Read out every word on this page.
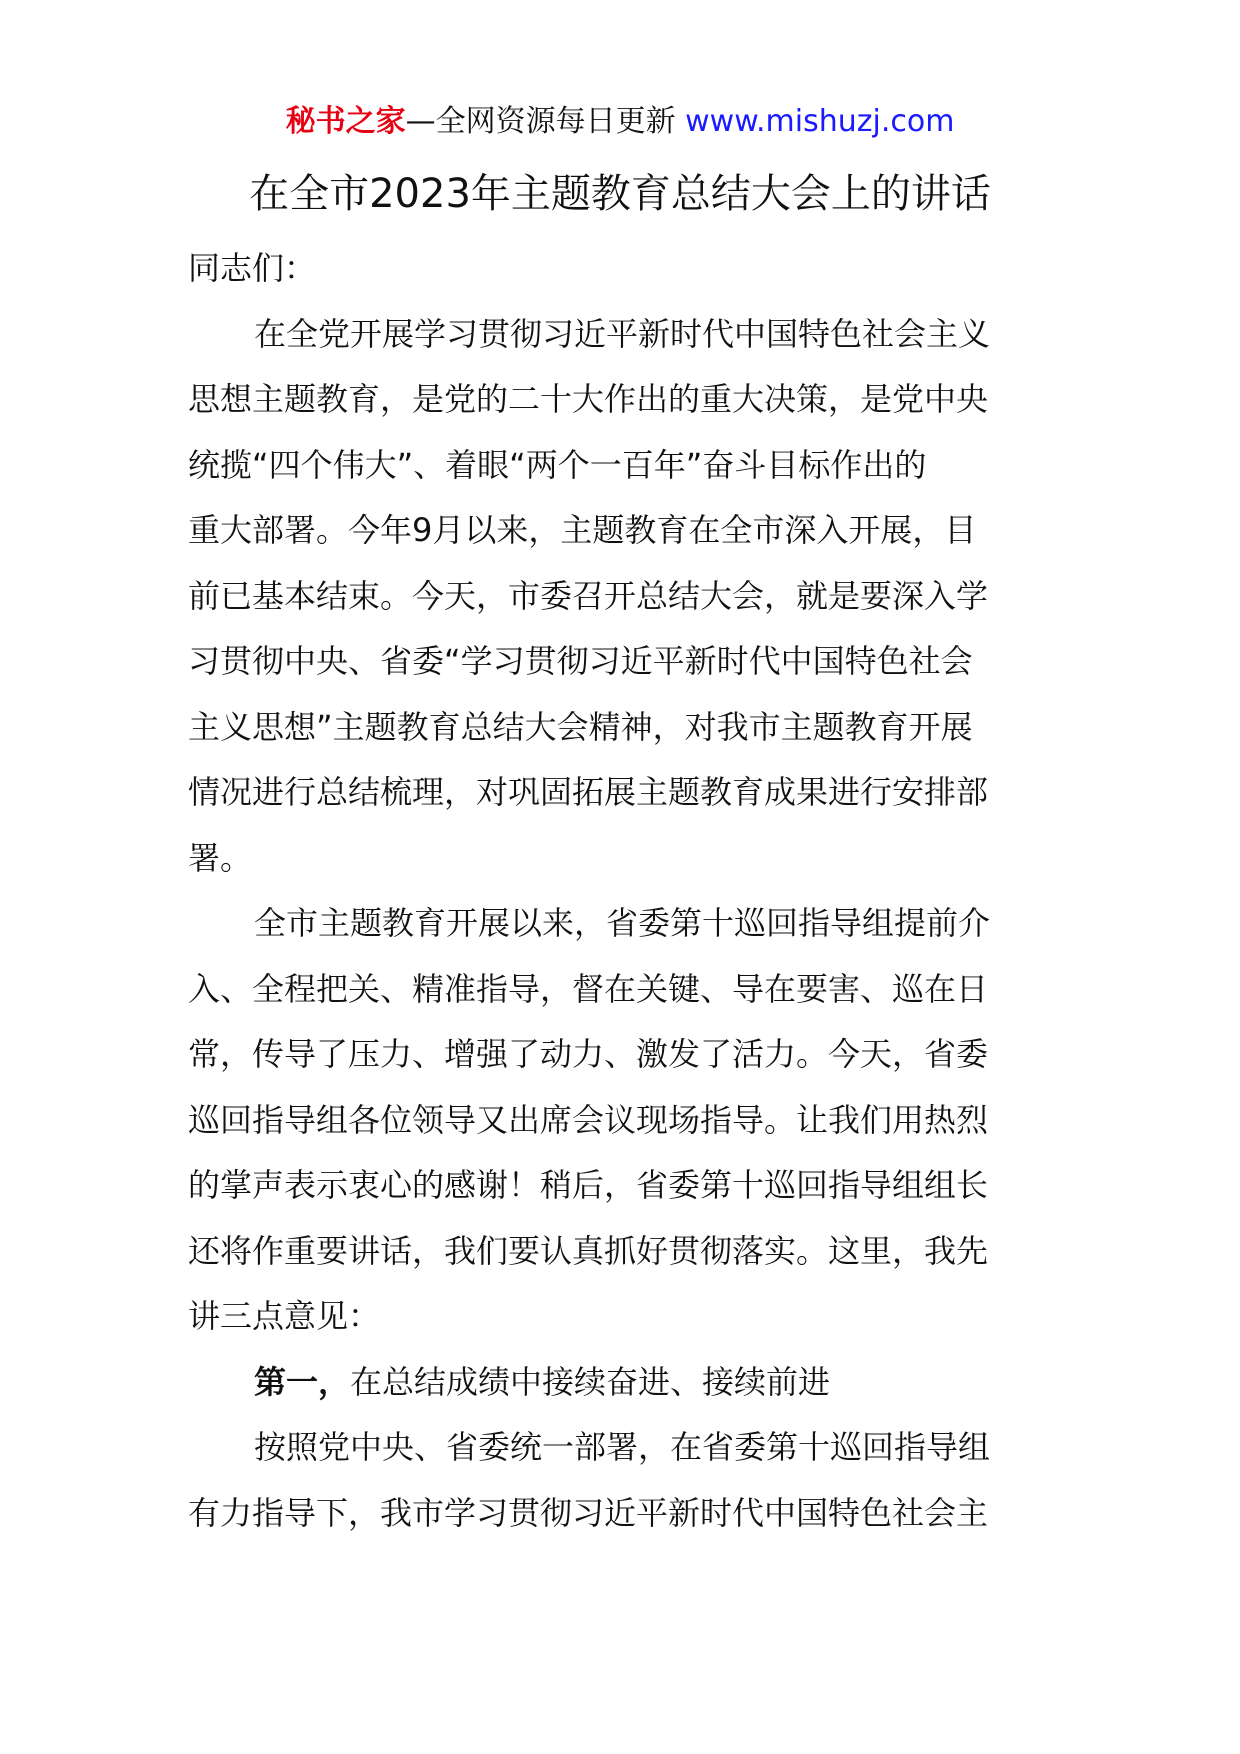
秘书之家—全网资源每日更新 www.mishuzj.com
在全市2023年主题教育总结大会上的讲话
同志们：
在全党开展学习贯彻习近平新时代中国特色社会主义
思想主题教育，是党的二十大作出的重大决策，是党中央
统揽“四个伟大”、着眼“两个一百年”奋斗目标作出的
重大部署。今年9月以来，主题教育在全市深入开展，目
前已基本结束。今天，市委召开总结大会，就是要深入学
习贯彻中央、省委“学习贯彻习近平新时代中国特色社会
主义思想”主题教育总结大会精神，对我市主题教育开展
情况进行总结梳理，对巩固拓展主题教育成果进行安排部
署。
全市主题教育开展以来，省委第十巡回指导组提前介
入、全程把关、精准指导，督在关键、导在要害、巡在日
常，传导了压力、增强了动力、激发了活力。今天，省委
巡回指导组各位领导又出席会议现场指导。让我们用热烈
的掌声表示衷心的感谢！稍后，省委第十巡回指导组组长
还将作重要讲话，我们要认真抓好贯彻落实。这里，我先
讲三点意见：
第一，在总结成绩中接续奋进、接续前进
按照党中央、省委统一部署，在省委第十巡回指导组
有力指导下，我市学习贯彻习近平新时代中国特色社会主
